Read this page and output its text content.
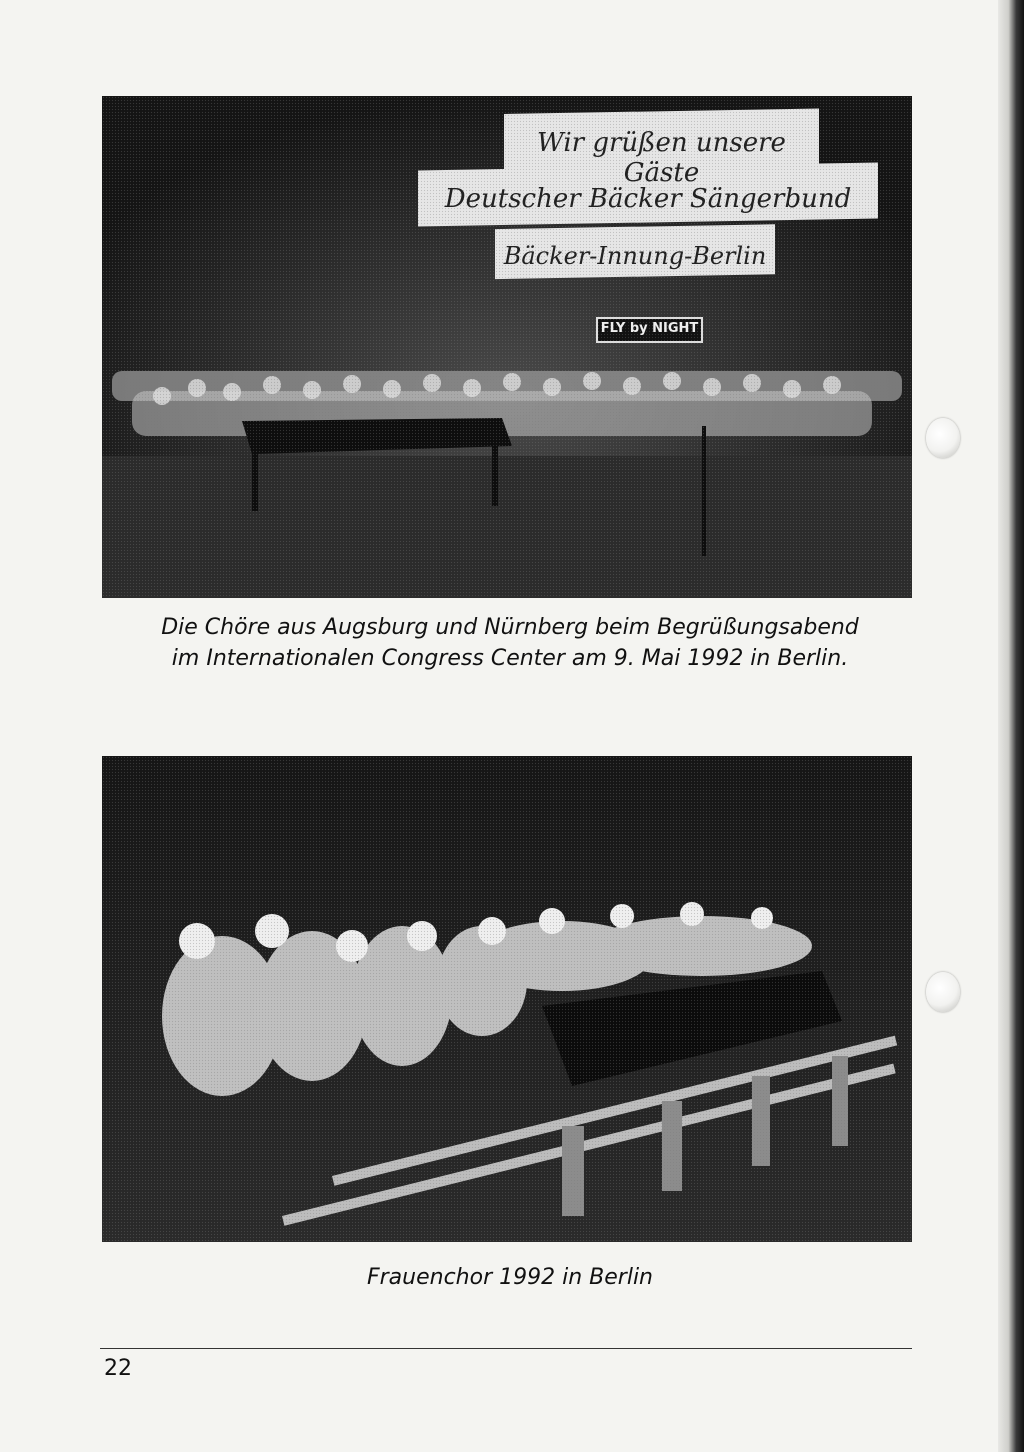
Wir grüßen unsere Gäste
Deutscher Bäcker Sängerbund
Bäcker-Innung-Berlin
FLY by NIGHT
Die Chöre aus Augsburg und Nürnberg beim Begrüßungsabend
im Internationalen Congress Center am 9. Mai 1992 in Berlin.
Frauenchor 1992 in Berlin
22
